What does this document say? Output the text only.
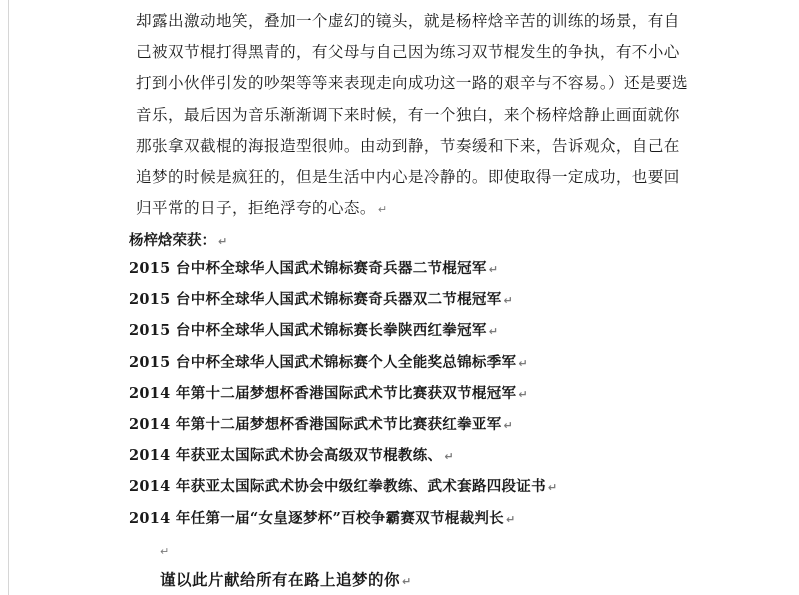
却露出激动地笑，叠加一个虚幻的镜头，就是杨梓焓辛苦的训练的场景，有自
己被双节棍打得黑青的，有父母与自己因为练习双节棍发生的争执，有不小心
打到小伙伴引发的吵架等等来表现走向成功这一路的艰辛与不容易。）还是要选
音乐，最后因为音乐渐渐调下来时候，有一个独白，来个杨梓焓静止画面就你
那张拿双截棍的海报造型很帅。由动到静，节奏缓和下来，告诉观众，自己在
追梦的时候是疯狂的，但是生活中内心是冷静的。即使取得一定成功，也要回
归平常的日子，拒绝浮夸的心态。 ↵
杨梓焓荣获： ↵
2015 台中杯全球华人国武术锦标赛奇兵器二节棍冠军 ↵
2015 台中杯全球华人国武术锦标赛奇兵器双二节棍冠军 ↵
2015 台中杯全球华人国武术锦标赛长拳陕西红拳冠军 ↵
2015 台中杯全球华人国武术锦标赛个人全能奖总锦标季军 ↵
2014 年第十二届梦想杯香港国际武术节比赛获双节棍冠军 ↵
2014 年第十二届梦想杯香港国际武术节比赛获红拳亚军 ↵
2014 年获亚太国际武术协会高级双节棍教练、 ↵
2014 年获亚太国际武术协会中级红拳教练、武术套路四段证书 ↵
2014 年任第一届“女皇逐梦杯”百校争霸赛双节棍裁判长 ↵
↵
谨以此片献给所有在路上追梦的你 ↵
